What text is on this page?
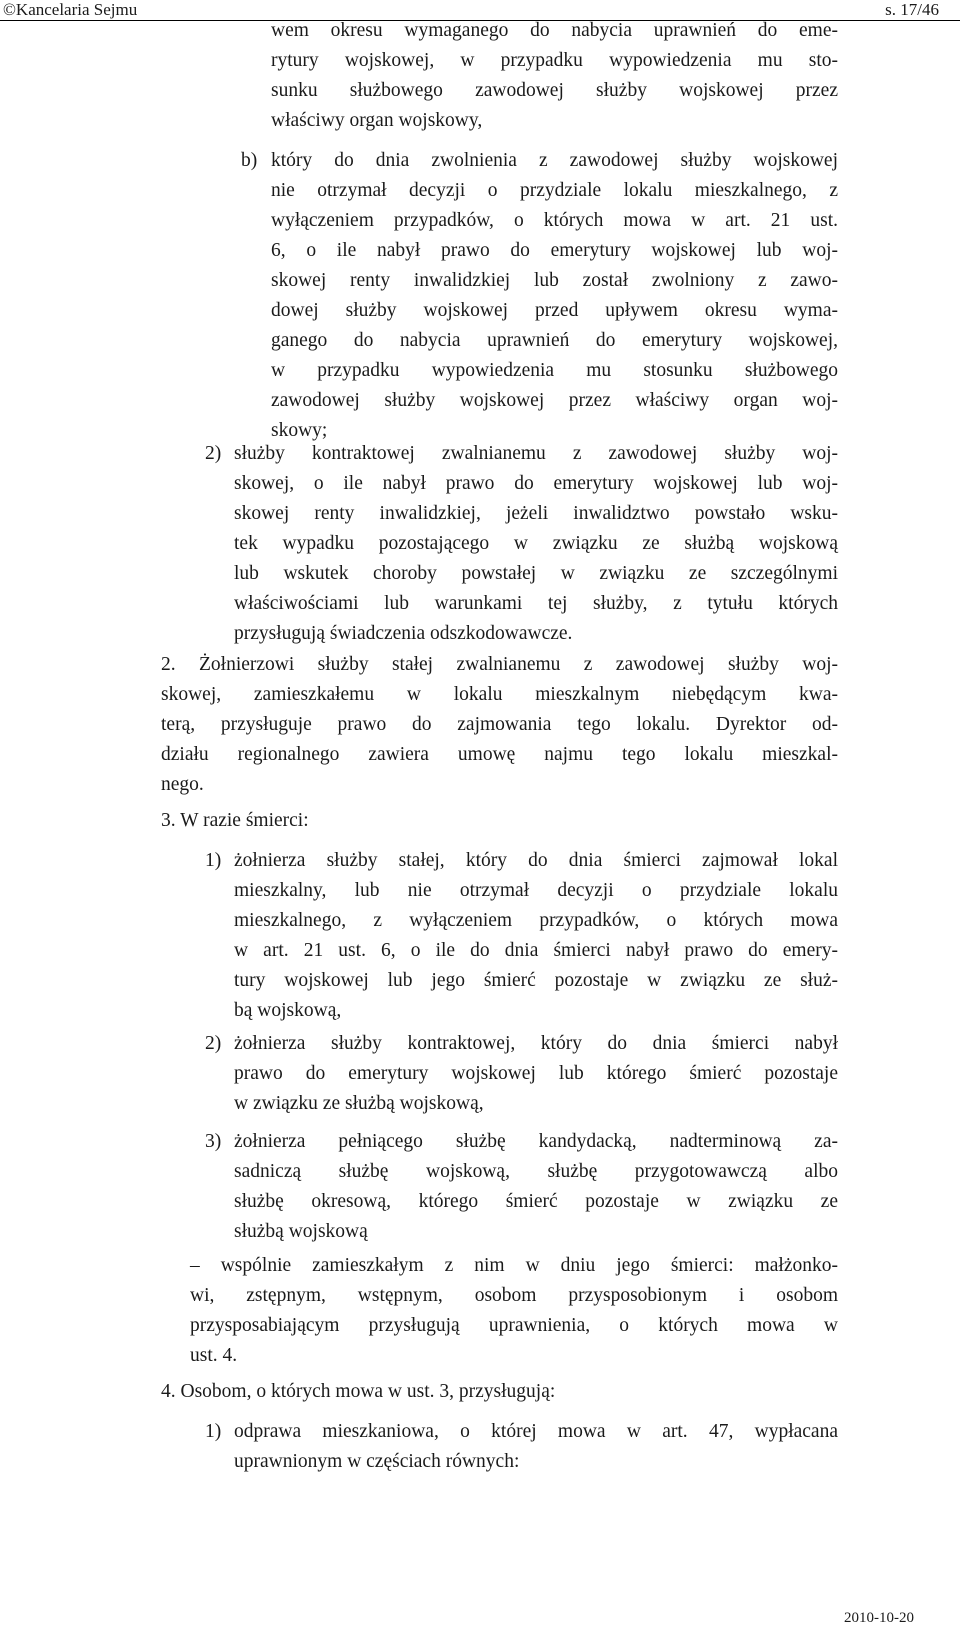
©Kancelaria Sejmu	s. 17/46
wem okresu wymaganego do nabycia uprawnień do eme-
rytury wojskowej, w przypadku wypowiedzenia mu sto-
sunku służbowego zawodowej służby wojskowej przez
właściwy organ wojskowy,
b) który do dnia zwolnienia z zawodowej służby wojskowej
nie otrzymał decyzji o przydziale lokalu mieszkalnego, z
wyłączeniem przypadków, o których mowa w art. 21 ust.
6, o ile nabył prawo do emerytury wojskowej lub woj-
skowej renty inwalidzkiej lub został zwolniony z zawo-
dowej służby wojskowej przed upływem okresu wyma-
ganego do nabycia uprawnień do emerytury wojskowej,
w przypadku wypowiedzenia mu stosunku służbowego
zawodowej służby wojskowej przez właściwy organ woj-
skowy;
2) służby kontraktowej zwalnianemu z zawodowej służby woj-
skowej, o ile nabył prawo do emerytury wojskowej lub woj-
skowej renty inwalidzkiej, jeżeli inwalidztwo powstało wsku-
tek wypadku pozostającego w związku ze służbą wojskową
lub wskutek choroby powstałej w związku ze szczególnymi
właściwościami lub warunkami tej służby, z tytułu których
przysługują świadczenia odszkodowawcze.
2. Żołnierzowi służby stałej zwalnianemu z zawodowej służby woj-
skowej, zamieszkałemu w lokalu mieszkalnym niebędącym kwa-
terą, przysługuje prawo do zajmowania tego lokalu. Dyrektor od-
działu regionalnego zawiera umowę najmu tego lokalu mieszkal-
nego.
3. W razie śmierci:
1) żołnierza służby stałej, który do dnia śmierci zajmował lokal
mieszkalny, lub nie otrzymał decyzji o przydziale lokalu
mieszkalnego, z wyłączeniem przypadków, o których mowa
w art. 21 ust. 6, o ile do dnia śmierci nabył prawo do emery-
tury wojskowej lub jego śmierć pozostaje w związku ze służ-
bą wojskową,
2) żołnierza służby kontraktowej, który do dnia śmierci nabył
prawo do emerytury wojskowej lub którego śmierć pozostaje
w związku ze służbą wojskową,
3) żołnierza pełniącego służbę kandydacką, nadterminową za-
sadniczą służbę wojskową, służbę przygotowawczą albo
służbę okresową, którego śmierć pozostaje w związku ze
służbą wojskową
– wspólnie zamieszkałym z nim w dniu jego śmierci: małżonko-
wi, zstępnym, wstępnym, osobom przysposobionym i osobom
przysposabiającym przysługują uprawnienia, o których mowa w
ust. 4.
4. Osobom, o których mowa w ust. 3, przysługują:
1) odprawa mieszkaniowa, o której mowa w art. 47, wypłacana
uprawnionym w częściach równych:
2010-10-20
